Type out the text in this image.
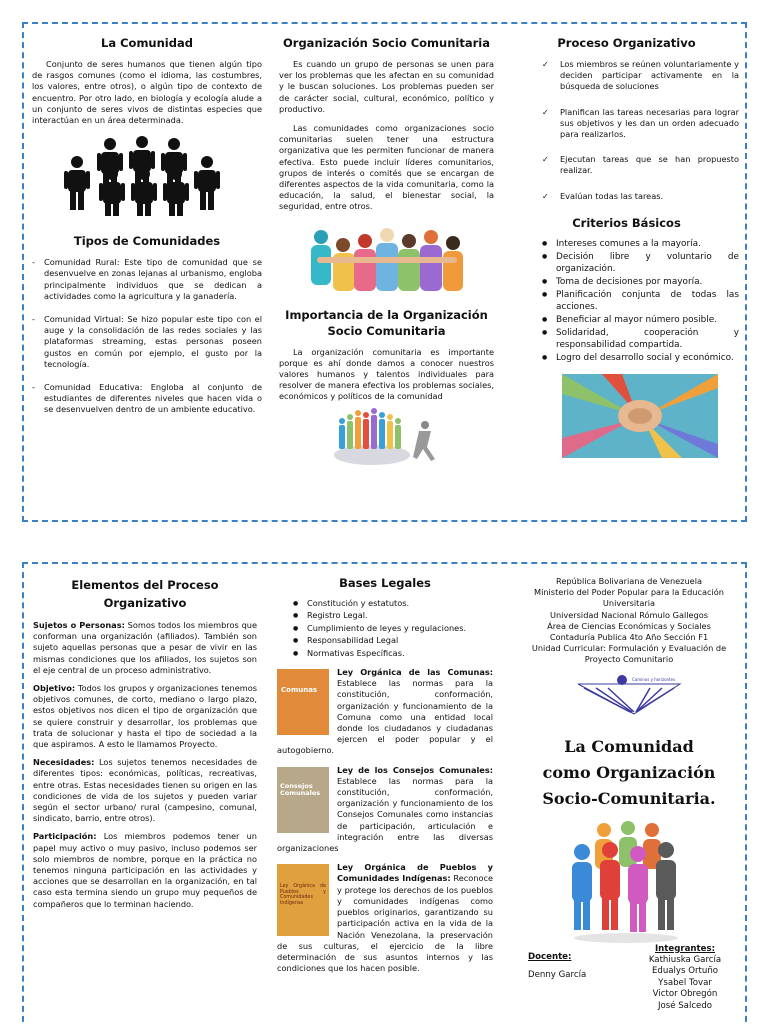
La Comunidad
Conjunto de seres humanos que tienen algún tipo de rasgos comunes (como el idioma, las costumbres, los valores, entre otros), o algún tipo de contexto de encuentro. Por otro lado, en biología y ecología alude a un conjunto de seres vivos de distintas especies que interactúan en un área determinada.
Tipos de Comunidades
- Comunidad Rural: Este tipo de comunidad que se desenvuelve en zonas lejanas al urbanismo, engloba principalmente individuos que se dedican a actividades como la agricultura y la ganadería.
- Comunidad Virtual: Se hizo popular este tipo con el auge y la consolidación de las redes sociales y las plataformas streaming, estas personas poseen gustos en común por ejemplo, el gusto por la tecnología.
- Comunidad Educativa: Engloba al conjunto de estudiantes de diferentes niveles que hacen vida o se desenvuelven dentro de un ambiente educativo.
Organización Socio Comunitaria
Es cuando un grupo de personas se unen para ver los problemas que les afectan en su comunidad y le buscan soluciones. Los problemas pueden ser de carácter social, cultural, económico, político y productivo.
Las comunidades como organizaciones socio comunitarias suelen tener una estructura organizativa que les permiten funcionar de manera efectiva. Esto puede incluir líderes comunitarios, grupos de interés o comités que se encargan de diferentes aspectos de la vida comunitaria, como la educación, la salud, el bienestar social, la seguridad, entre otros.
Importancia de la Organización Socio Comunitaria
La organización comunitaria es importante porque es ahí donde damos a conocer nuestros valores humanos y talentos individuales para resolver de manera efectiva los problemas sociales, económicos y políticos de la comunidad
Proceso Organizativo
✓ Los miembros se reúnen voluntariamente y deciden participar activamente en la búsqueda de soluciones
✓ Planifican las tareas necesarias para lograr sus objetivos y les dan un orden adecuado para realizarlos.
✓ Ejecutan tareas que se han propuesto realizar.
✓ Evalúan todas las tareas.
Criterios Básicos
● Intereses comunes a la mayoría.
● Decisión libre y voluntario de organización.
● Toma de decisiones por mayoría.
● Planificación conjunta de todas las acciones.
● Beneficiar al mayor número posible.
● Solidaridad, cooperación y responsabilidad compartida.
● Logro del desarrollo social y económico.
Elementos del Proceso Organizativo
Sujetos o Personas: Somos todos los miembros que conforman una organización (afiliados). También son sujeto aquellas personas que a pesar de vivir en las mismas condiciones que los afiliados, los sujetos son el eje central de un proceso administrativo.
Objetivo: Todos los grupos y organizaciones tenemos objetivos comunes, de corto, mediano o largo plazo, estos objetivos nos dicen el tipo de organización que se quiere construir y desarrollar, los problemas que trata de solucionar y hasta el tipo de sociedad a la que aspiramos. A esto le llamamos Proyecto.
Necesidades: Los sujetos tenemos necesidades de diferentes tipos: económicas, políticas, recreativas, entre otras. Estas necesidades tienen su origen en las condiciones de vida de los sujetos y pueden variar según el sector urbano/ rural (campesino, comunal, sindicato, barrio, entre otros).
Participación: Los miembros podemos tener un papel muy activo o muy pasivo, incluso podemos ser solo miembros de nombre, porque en la práctica no tenemos ninguna participación en las actividades y acciones que se desarrollan en la organización, en tal caso esta termina siendo un grupo muy pequeños de compañeros que lo terminan haciendo.
Bases Legales
● Constitución y estatutos.
● Registro Legal.
● Cumplimiento de leyes y regulaciones.
● Responsabilidad Legal
● Normativas Específicas.
Comunas
Ley Orgánica de las Comunas: Establece las normas para la constitución, conformación, organización y funcionamiento de la Comuna como una entidad local donde los ciudadanos y ciudadanas ejercen el poder popular y el autogobierno.
Consejos Comunales
Ley de los Consejos Comunales: Establece las normas para la constitución, conformación, organización y funcionamiento de los Consejos Comunales como instancias de participación, articulación e integración entre las diversas organizaciones
Ley Orgánica de Pueblos y Comunidades Indígenas
Ley Orgánica de Pueblos y Comunidades Indígenas: Reconoce y protege los derechos de los pueblos y comunidades indígenas como pueblos originarios, garantizando su participación activa en la vida de la Nación Venezolana, la preservación de sus culturas, el ejercicio de la libre determinación de sus asuntos internos y las condiciones que los hacen posible.
República Bolivariana de Venezuela
Ministerio del Poder Popular para la Educación Universitaria
Universidad Nacional Rómulo Gallegos
Área de Ciencias Económicas y Sociales
Contaduría Publica 4to Año Sección F1
Unidad Curricular: Formulación y Evaluación de Proyecto Comunitario
Caminos y horizontes
La Comunidad
como Organización
Socio-Comunitaria.
Docente:
Denny García
Integrantes:
Kathiuska García
Edualys Ortuño
Ysabel Tovar
Victor Obregón
José Salcedo
